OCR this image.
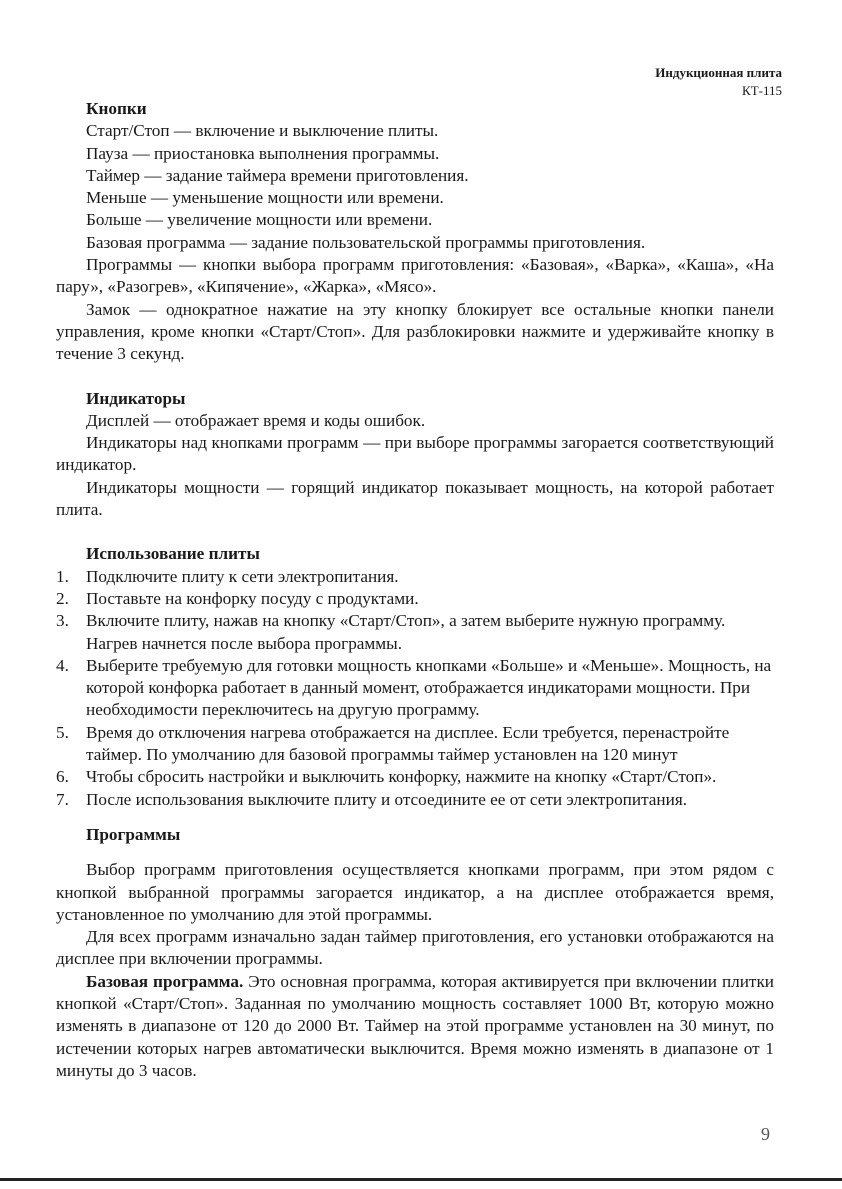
Индукционная плита
КТ-115

Кнопки

Старт/Стоп — включение и выключение плиты.

Пауза — приостановка выполнения программы.

Таймер — задание таймера времени приготовления.

Меньше — уменьшение мощности или времени.

Больше — увеличение мощности или времени.

Базовая программа — задание пользовательской программы приготовления.

Программы — кнопки выбора программ приготовления: «Базовая», «Варка», «Каша», «На пару», «Разогрев», «Кипячение», «Жарка», «Мясо».

Замок — однократное нажатие на эту кнопку блокирует все остальные кнопки панели управления, кроме кнопки «Старт/Стоп». Для разблокировки нажмите и удерживайте кнопку в течение 3 секунд.

Индикаторы

Дисплей — отображает время и коды ошибок.

Индикаторы над кнопками программ — при выборе программы загорается соответствующий индикатор.

Индикаторы мощности — горящий индикатор показывает мощность, на которой работает плита.

Использование плиты

1. Подключите плиту к сети электропитания.
2. Поставьте на конфорку посуду с продуктами.
3. Включите плиту, нажав на кнопку «Старт/Стоп», а затем выберите нужную программу. Нагрев начнется после выбора программы.
4. Выберите требуемую для готовки мощность кнопками «Больше» и «Меньше». Мощность, на которой конфорка работает в данный момент, отображается индикаторами мощности. При необходимости переключитесь на другую программу.
5. Время до отключения нагрева отображается на дисплее. Если требуется, перенастройте таймер. По умолчанию для базовой программы таймер установлен на 120 минут
6. Чтобы сбросить настройки и выключить конфорку, нажмите на кнопку «Старт/Стоп».
7. После использования выключите плиту и отсоедините ее от сети электропитания.

Программы

Выбор программ приготовления осуществляется кнопками программ, при этом рядом с кнопкой выбранной программы загорается индикатор, а на дисплее отображается время, установленное по умолчанию для этой программы.

Для всех программ изначально задан таймер приготовления, его установки отображаются на дисплее при включении программы.

Базовая программа. Это основная программа, которая активируется при включении плитки кнопкой «Старт/Стоп». Заданная по умолчанию мощность составляет 1000 Вт, которую можно изменять в диапазоне от 120 до 2000 Вт. Таймер на этой программе установлен на 30 минут, по истечении которых нагрев автоматически выключится. Время можно изменять в диапазоне от 1 минуты до 3 часов.

9
